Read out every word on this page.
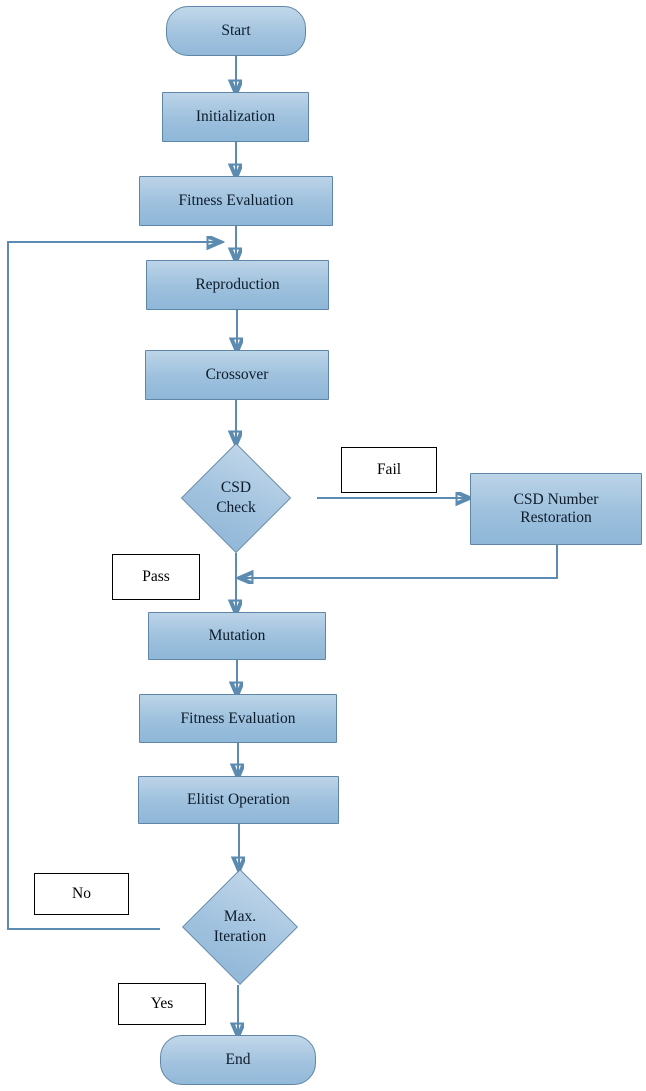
Start
Initialization
Fitness Evaluation
Reproduction
Crossover
CSD
Check	CSD Number
Restoration
Mutation
Fitness Evaluation
Elitist Operation
Max.
Iteration
End
Fail
Pass
No
Yes
